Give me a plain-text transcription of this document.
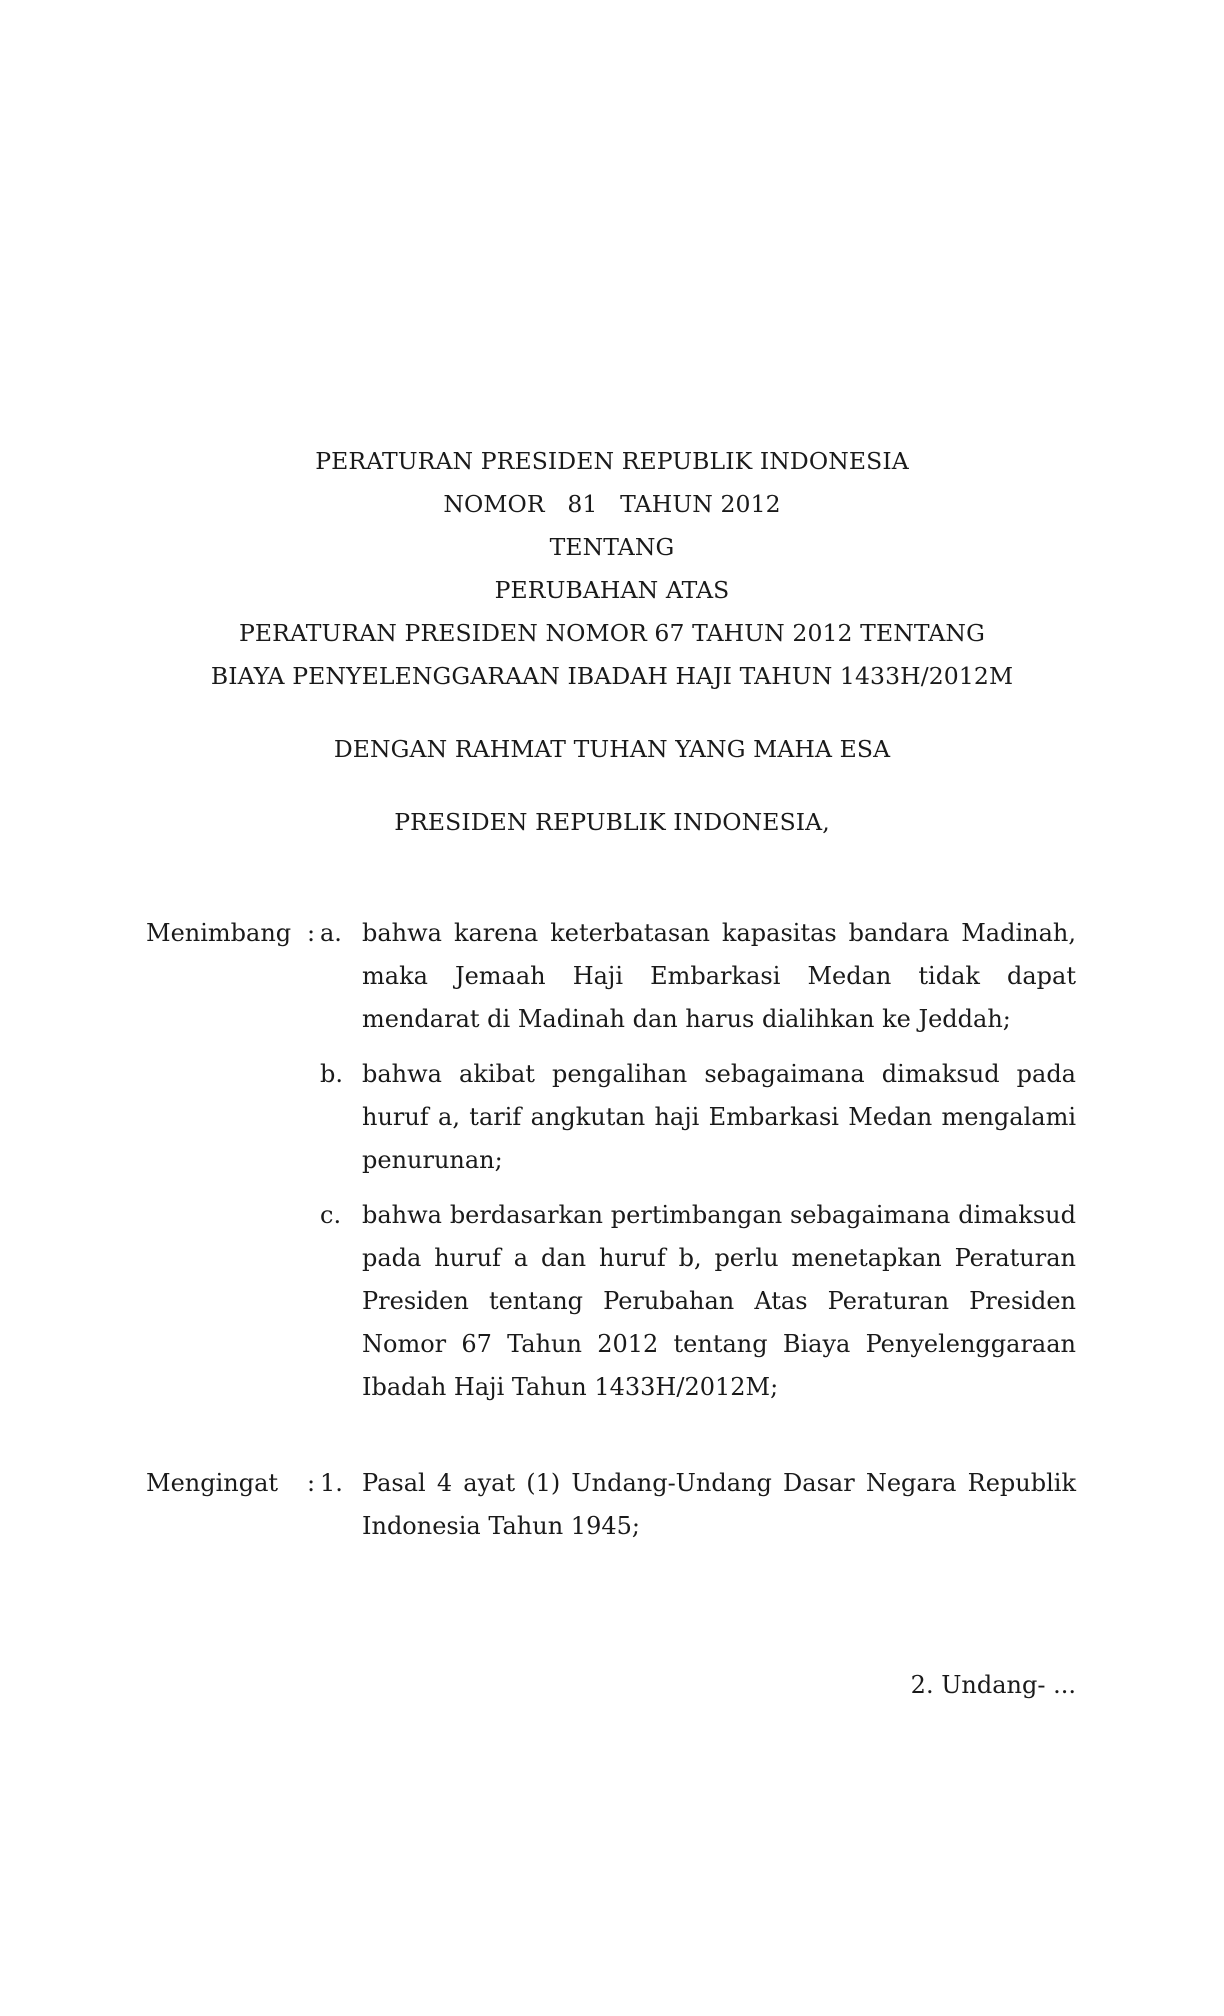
PERATURAN PRESIDEN REPUBLIK INDONESIA
NOMOR   81   TAHUN 2012
TENTANG
PERUBAHAN ATAS
PERATURAN PRESIDEN NOMOR 67 TAHUN 2012 TENTANG
BIAYA PENYELENGGARAAN IBADAH HAJI TAHUN 1433H/2012M
DENGAN RAHMAT TUHAN YANG MAHA ESA
PRESIDEN REPUBLIK INDONESIA,
Menimbang : a. bahwa karena keterbatasan kapasitas bandara Madinah, maka Jemaah Haji Embarkasi Medan tidak dapat mendarat di Madinah dan harus dialihkan ke Jeddah;
b. bahwa akibat pengalihan sebagaimana dimaksud pada huruf a, tarif angkutan haji Embarkasi Medan mengalami penurunan;
c. bahwa berdasarkan pertimbangan sebagaimana dimaksud pada huruf a dan huruf b, perlu menetapkan Peraturan Presiden tentang Perubahan Atas Peraturan Presiden Nomor 67 Tahun 2012 tentang Biaya Penyelenggaraan Ibadah Haji Tahun 1433H/2012M;
Mengingat : 1. Pasal 4 ayat (1) Undang-Undang Dasar Negara Republik Indonesia Tahun 1945;
2. Undang- ...
